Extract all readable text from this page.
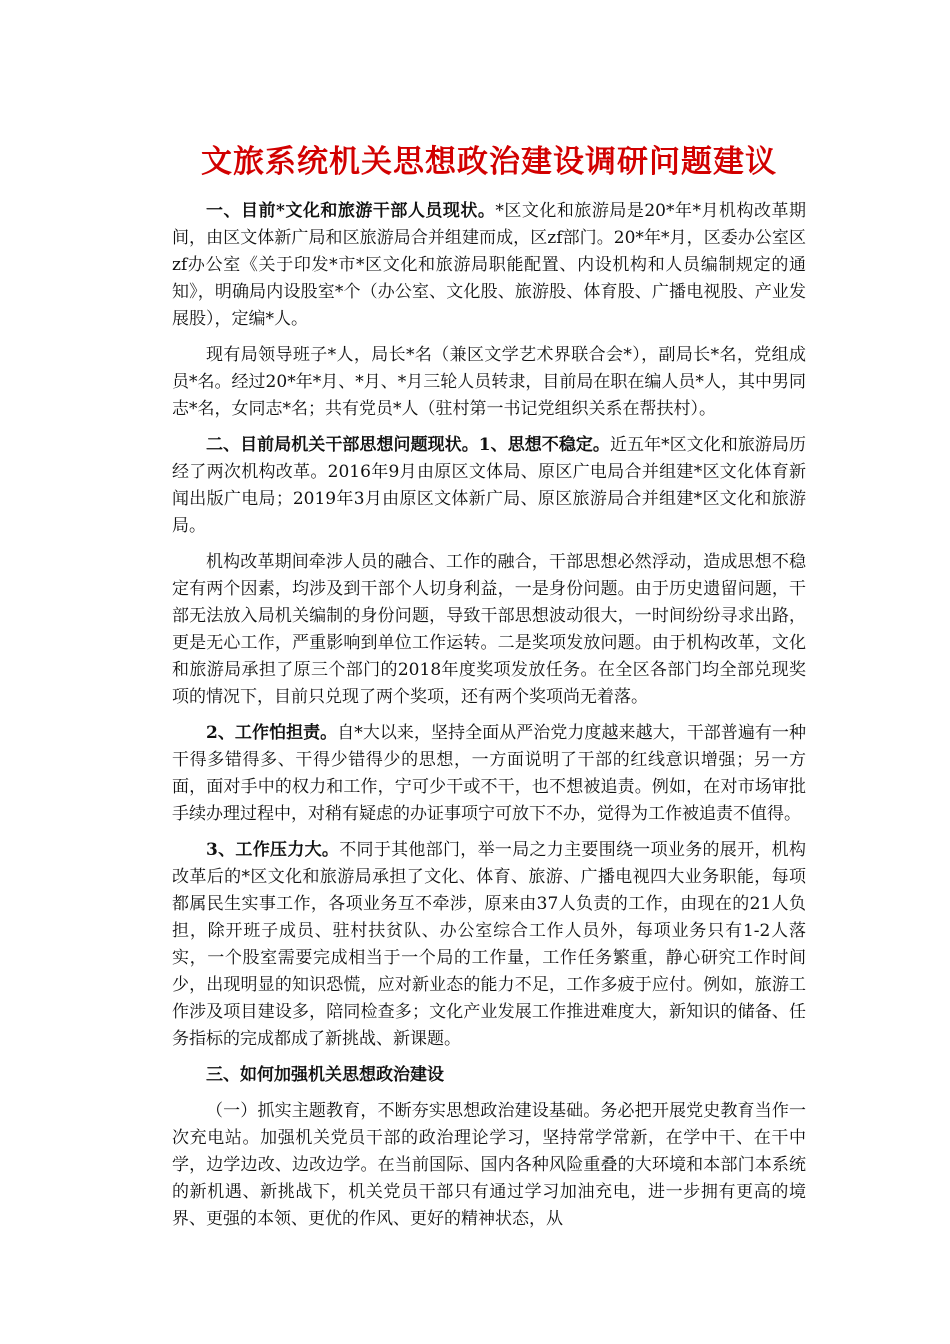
文旅系统机关思想政治建设调研问题建议

一、目前*文化和旅游干部人员现状。*区文化和旅游局是20*年*月机构改革期间，由区文体新广局和区旅游局合并组建而成，区zf部门。20*年*月，区委办公室区zf办公室《关于印发*市*区文化和旅游局职能配置、内设机构和人员编制规定的通知》，明确局内设股室*个（办公室、文化股、旅游股、体育股、广播电视股、产业发展股），定编*人。

现有局领导班子*人，局长*名（兼区文学艺术界联合会*），副局长*名，党组成员*名。经过20*年*月、*月、*月三轮人员转隶，目前局在职在编人员*人，其中男同志*名，女同志*名；共有党员*人（驻村第一书记党组织关系在帮扶村）。

二、目前局机关干部思想问题现状。1、思想不稳定。近五年*区文化和旅游局历经了两次机构改革。2016年9月由原区文体局、原区广电局合并组建*区文化体育新闻出版广电局；2019年3月由原区文体新广局、原区旅游局合并组建*区文化和旅游局。

机构改革期间牵涉人员的融合、工作的融合，干部思想必然浮动，造成思想不稳定有两个因素，均涉及到干部个人切身利益，一是身份问题。由于历史遗留问题，干部无法放入局机关编制的身份问题，导致干部思想波动很大，一时间纷纷寻求出路，更是无心工作，严重影响到单位工作运转。二是奖项发放问题。由于机构改革，文化和旅游局承担了原三个部门的2018年度奖项发放任务。在全区各部门均全部兑现奖项的情况下，目前只兑现了两个奖项，还有两个奖项尚无着落。

2、工作怕担责。自*大以来，坚持全面从严治党力度越来越大，干部普遍有一种干得多错得多、干得少错得少的思想，一方面说明了干部的红线意识增强；另一方面，面对手中的权力和工作，宁可少干或不干，也不想被追责。例如，在对市场审批手续办理过程中，对稍有疑虑的办证事项宁可放下不办，觉得为工作被追责不值得。

3、工作压力大。不同于其他部门，举一局之力主要围绕一项业务的展开，机构改革后的*区文化和旅游局承担了文化、体育、旅游、广播电视四大业务职能，每项都属民生实事工作，各项业务互不牵涉，原来由37人负责的工作，由现在的21人负担，除开班子成员、驻村扶贫队、办公室综合工作人员外，每项业务只有1-2人落实，一个股室需要完成相当于一个局的工作量，工作任务繁重，静心研究工作时间少，出现明显的知识恐慌，应对新业态的能力不足，工作多疲于应付。例如，旅游工作涉及项目建设多，陪同检查多；文化产业发展工作推进难度大，新知识的储备、任务指标的完成都成了新挑战、新课题。

三、如何加强机关思想政治建设

（一）抓实主题教育，不断夯实思想政治建设基础。务必把开展党史教育当作一次充电站。加强机关党员干部的政治理论学习，坚持常学常新，在学中干、在干中学，边学边改、边改边学。在当前国际、国内各种风险重叠的大环境和本部门本系统的新机遇、新挑战下，机关党员干部只有通过学习加油充电，进一步拥有更高的境界、更强的本领、更优的作风、更好的精神状态，从
